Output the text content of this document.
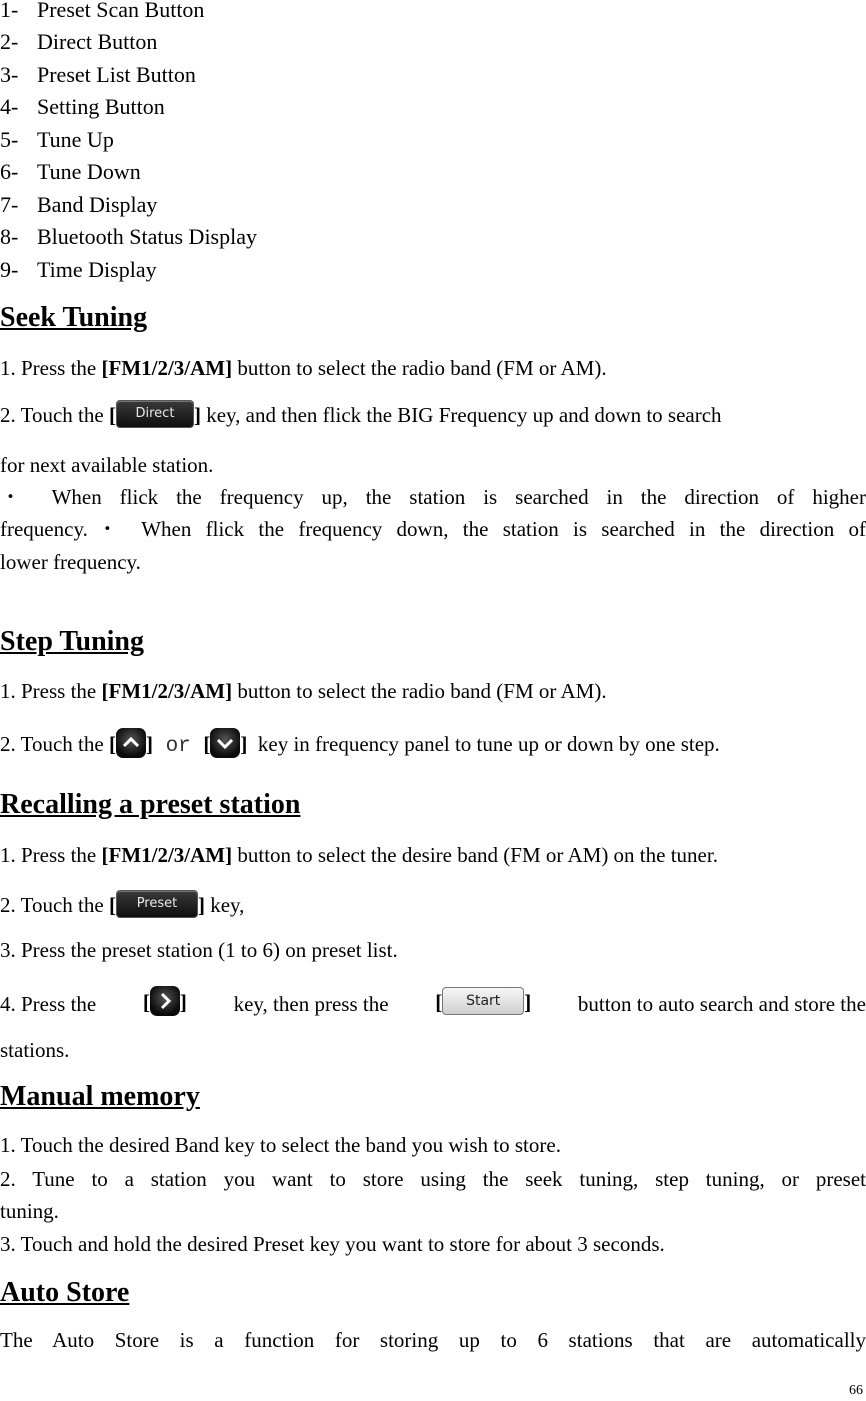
1- Preset Scan Button
2- Direct Button
3- Preset List Button
4- Setting Button
5- Tune Up
6- Tune Down
7- Band Display
8- Bluetooth Status Display
9- Time Display
Seek Tuning
1. Press the [FM1/2/3/AM] button to select the radio band (FM or AM).
2. Touch the [ Direct ] key, and then flick the BIG Frequency up and down to search
for next available station.
・ When flick the frequency up, the station is searched in the direction of higher
frequency.・ When flick the frequency down, the station is searched in the direction of
lower frequency.
Step Tuning
1. Press the [FM1/2/3/AM] button to select the radio band (FM or AM).
2. Touch the [ ] or [ ]  key in frequency panel to tune up or down by one step.
Recalling a preset station
1. Press the [FM1/2/3/AM] button to select the desire band (FM or AM) on the tuner.
2. Touch the [ Preset ] key,
3. Press the preset station (1 to 6) on preset list.
4. Press the [ ] key, then press the [ Start ] button to auto search and store the
stations.
Manual memory
1. Touch the desired Band key to select the band you wish to store.
2. Tune to a station you want to store using the seek tuning, step tuning, or preset
tuning.
3. Touch and hold the desired Preset key you want to store for about 3 seconds.
Auto Store
The Auto Store is a function for storing up to 6 stations that are automatically
66
